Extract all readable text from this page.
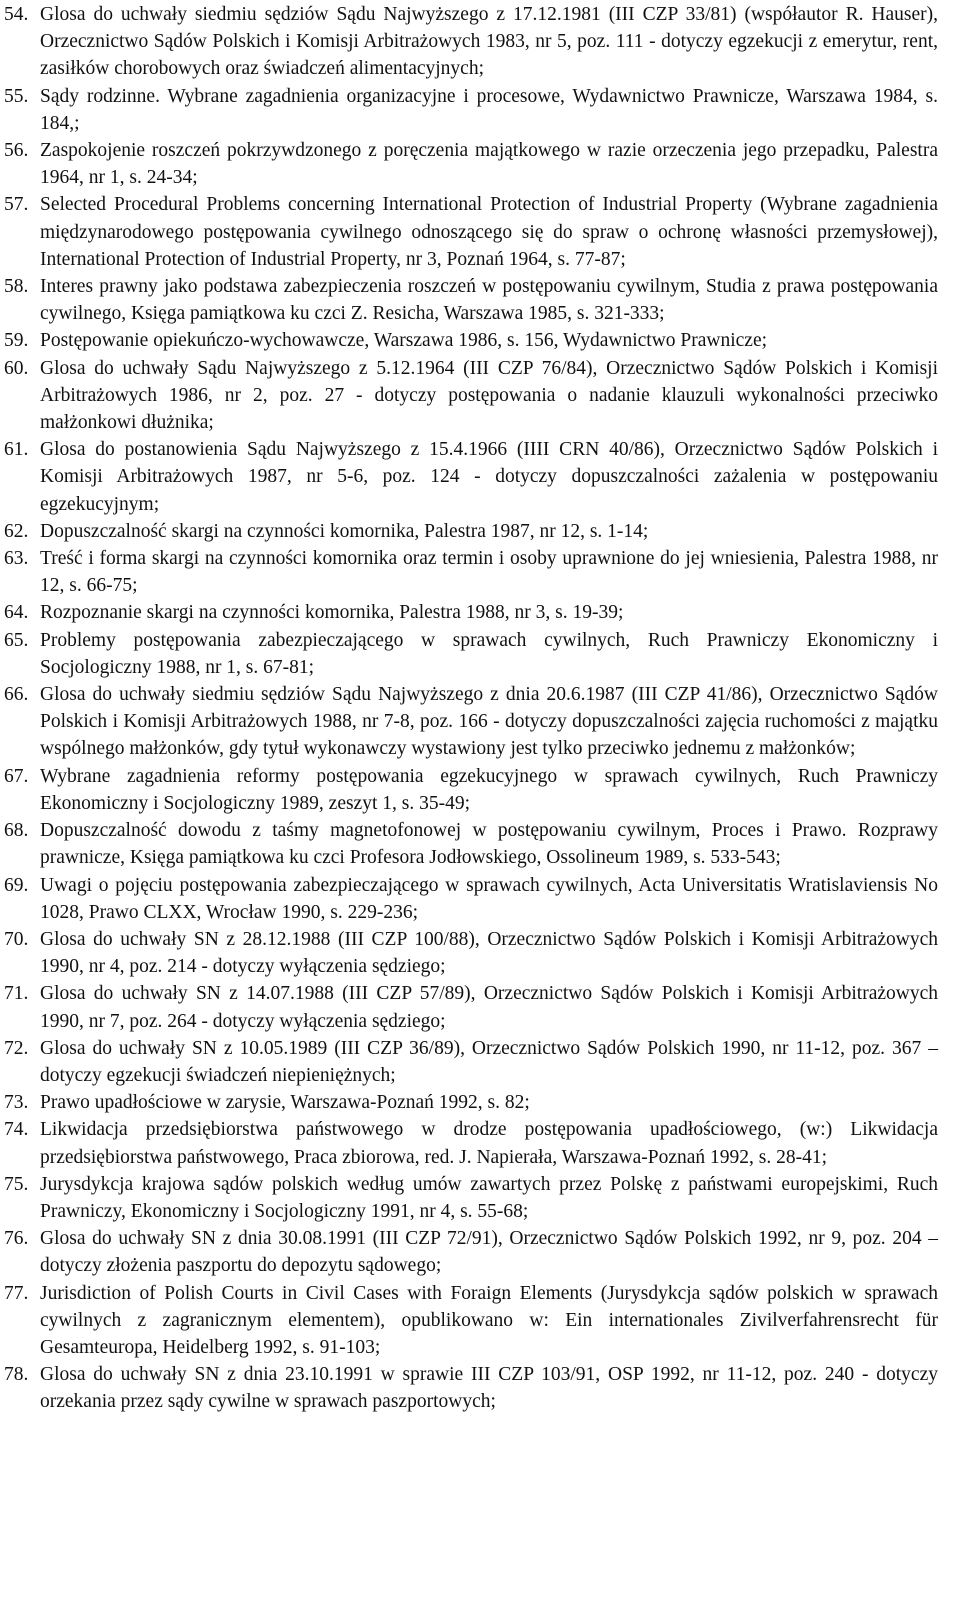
54. Glosa do uchwały siedmiu sędziów Sądu Najwyższego z 17.12.1981 (III CZP 33/81) (współautor R. Hauser), Orzecznictwo Sądów Polskich i Komisji Arbitrażowych 1983, nr 5, poz. 111 - dotyczy egzekucji z emerytur, rent, zasiłków chorobowych oraz świadczeń alimentacyjnych;
55. Sądy rodzinne. Wybrane zagadnienia organizacyjne i procesowe, Wydawnictwo Prawnicze, Warszawa 1984, s. 184,;
56. Zaspokojenie roszczeń pokrzywdzonego z poręczenia majątkowego w razie orzeczenia jego przepadku, Palestra 1964, nr 1, s. 24-34;
57. Selected Procedural Problems concerning International Protection of Industrial Property (Wybrane zagadnienia międzynarodowego postępowania cywilnego odnoszącego się do spraw o ochronę własności przemysłowej), International Protection of Industrial Property, nr 3, Poznań 1964, s. 77-87;
58. Interes prawny jako podstawa zabezpieczenia roszczeń w postępowaniu cywilnym, Studia z prawa postępowania cywilnego, Księga pamiątkowa ku czci Z. Resicha, Warszawa 1985, s. 321-333;
59. Postępowanie opiekuńczo-wychowawcze, Warszawa 1986, s. 156, Wydawnictwo Prawnicze;
60. Glosa do uchwały Sądu Najwyższego z 5.12.1964 (III CZP 76/84), Orzecznictwo Sądów Polskich i Komisji Arbitrażowych 1986, nr 2, poz. 27 - dotyczy postępowania o nadanie klauzuli wykonalności przeciwko małżonkowi dłużnika;
61. Glosa do postanowienia Sądu Najwyższego z 15.4.1966 (IIII CRN 40/86), Orzecznictwo Sądów Polskich i Komisji Arbitrażowych 1987, nr 5-6, poz. 124 - dotyczy dopuszczalności zażalenia w postępowaniu egzekucyjnym;
62. Dopuszczalność skargi na czynności komornika, Palestra 1987, nr 12, s. 1-14;
63. Treść i forma skargi na czynności komornika oraz termin i osoby uprawnione do jej wniesienia, Palestra 1988, nr 12, s. 66-75;
64. Rozpoznanie skargi na czynności komornika, Palestra 1988, nr 3, s. 19-39;
65. Problemy postępowania zabezpieczającego w sprawach cywilnych, Ruch Prawniczy Ekonomiczny i Socjologiczny 1988, nr 1, s. 67-81;
66. Glosa do uchwały siedmiu sędziów Sądu Najwyższego z dnia 20.6.1987 (III CZP 41/86), Orzecznictwo Sądów Polskich i Komisji Arbitrażowych 1988, nr 7-8, poz. 166 - dotyczy dopuszczalności zajęcia ruchomości z majątku wspólnego małżonków, gdy tytuł wykonawczy wystawiony jest tylko przeciwko jednemu z małżonków;
67. Wybrane zagadnienia reformy postępowania egzekucyjnego w sprawach cywilnych, Ruch Prawniczy Ekonomiczny i Socjologiczny 1989, zeszyt 1, s. 35-49;
68. Dopuszczalność dowodu z taśmy magnetofonowej w postępowaniu cywilnym, Proces i Prawo. Rozprawy prawnicze, Księga pamiątkowa ku czci Profesora Jodłowskiego, Ossolineum 1989, s. 533-543;
69. Uwagi o pojęciu postępowania zabezpieczającego w sprawach cywilnych, Acta Universitatis Wratislaviensis No 1028, Prawo CLXX, Wrocław 1990, s. 229-236;
70. Glosa do uchwały SN z 28.12.1988 (III CZP 100/88), Orzecznictwo Sądów Polskich i Komisji Arbitrażowych 1990, nr 4, poz. 214 - dotyczy wyłączenia sędziego;
71. Glosa do uchwały SN z 14.07.1988 (III CZP 57/89), Orzecznictwo Sądów Polskich i Komisji Arbitrażowych 1990, nr 7, poz. 264 - dotyczy wyłączenia sędziego;
72. Glosa do uchwały SN z 10.05.1989 (III CZP 36/89), Orzecznictwo Sądów Polskich 1990, nr 11-12, poz. 367 – dotyczy egzekucji świadczeń niepieniężnych;
73. Prawo upadłościowe w zarysie, Warszawa-Poznań 1992, s. 82;
74. Likwidacja przedsiębiorstwa państwowego w drodze postępowania upadłościowego, (w:) Likwidacja przedsiębiorstwa państwowego, Praca zbiorowa, red. J. Napierała, Warszawa-Poznań 1992, s. 28-41;
75. Jurysdykcja krajowa sądów polskich według umów zawartych przez Polskę z państwami europejskimi, Ruch Prawniczy, Ekonomiczny i Socjologiczny 1991, nr 4, s. 55-68;
76. Glosa do uchwały SN z dnia 30.08.1991 (III CZP 72/91), Orzecznictwo Sądów Polskich 1992, nr 9, poz. 204 – dotyczy złożenia paszportu do depozytu sądowego;
77. Jurisdiction of Polish Courts in Civil Cases with Foraign Elements (Jurysdykcja sądów polskich w sprawach cywilnych z zagranicznym elementem), opublikowano w: Ein internationales Zivilverfahrensrecht für Gesamteuropa, Heidelberg 1992, s. 91-103;
78. Glosa do uchwały SN z dnia 23.10.1991 w sprawie III CZP 103/91, OSP 1992, nr 11-12, poz. 240 - dotyczy orzekania przez sądy cywilne w sprawach paszportowych;
